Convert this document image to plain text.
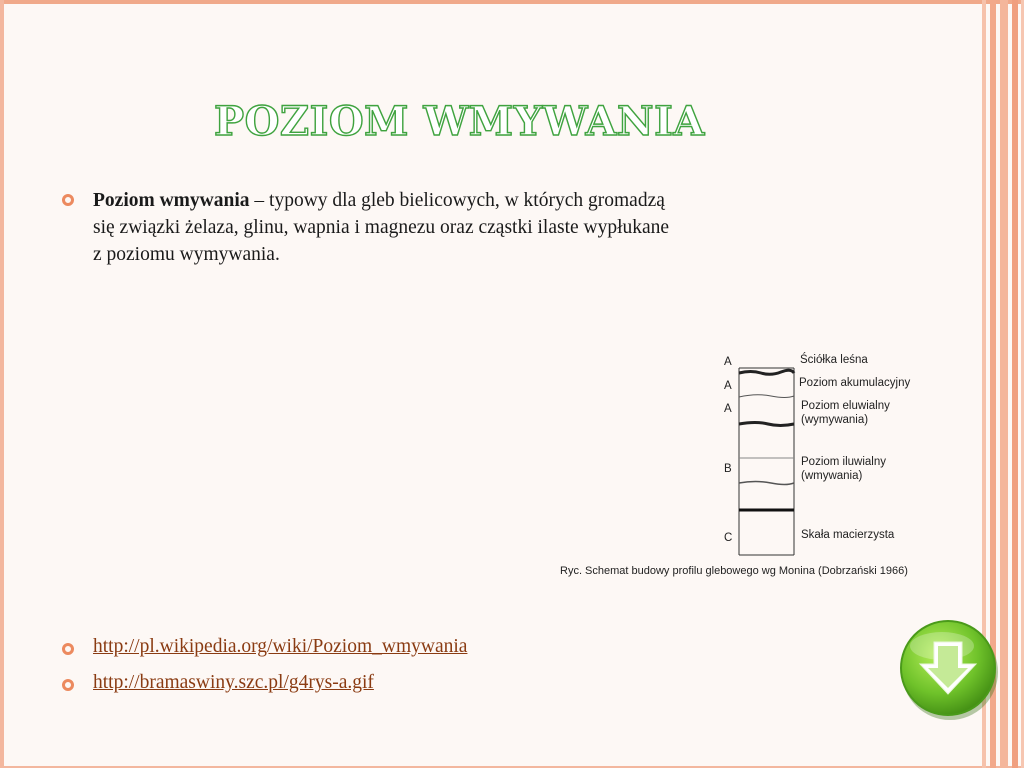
POZIOM WMYWANIA
Poziom wmywania – typowy dla gleb bielicowych, w których gromadzą
się związki żelaza, glinu, wapnia i magnezu oraz cząstki ilaste wypłukane
z poziomu wymywania.
A
A
A
B
C
Ściółka leśna
Poziom akumulacyjny
Poziom eluwialny
(wymywania)
Poziom iluwialny
(wmywania)
Skała macierzysta
Ryc. Schemat budowy profilu glebowego wg Monina (Dobrzański 1966)
http://pl.wikipedia.org/wiki/Poziom_wmywania
http://bramaswiny.szc.pl/g4rys-a.gif
